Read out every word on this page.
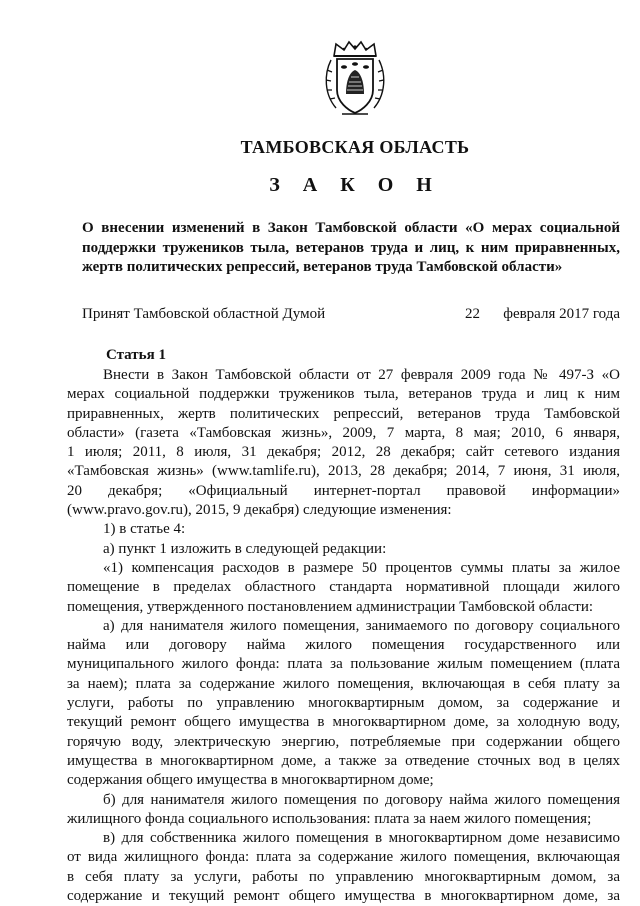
ТАМБОВСКАЯ ОБЛАСТЬ
З А К О Н
О внесении изменений в Закон Тамбовской области «О мерах социальной
поддержки тружеников тыла, ветеранов труда и лиц, к ним приравненных,
жертв политических репрессий, ветеранов труда Тамбовской области»
Принят Тамбовской областной Думой	22 февраля 2017 года
Статья 1
Внести в Закон Тамбовской области от 27 февраля 2009 года № 497-З «О
мерах социальной поддержки тружеников тыла, ветеранов труда и лиц к ним
приравненных, жертв политических репрессий, ветеранов труда Тамбовской
области» (газета «Тамбовская жизнь», 2009, 7 марта, 8 мая; 2010, 6 января,
1 июля; 2011, 8 июля, 31 декабря; 2012, 28 декабря; сайт сетевого издания
«Тамбовская жизнь» (www.tamlife.ru), 2013, 28 декабря; 2014, 7 июня, 31 июля,
20 декабря; «Официальный интернет-портал правовой информации»
(www.pravo.gov.ru), 2015, 9 декабря) следующие изменения:
1) в статье 4:
а) пункт 1 изложить в следующей редакции:
«1) компенсация расходов в размере 50 процентов суммы платы за жилое
помещение в пределах областного стандарта нормативной площади жилого
помещения, утвержденного постановлением администрации Тамбовской области:
а) для нанимателя жилого помещения, занимаемого по договору социального
найма или договору найма жилого помещения государственного или
муниципального жилого фонда: плата за пользование жилым помещением (плата
за наем); плата за содержание жилого помещения, включающая в себя плату за
услуги, работы по управлению многоквартирным домом, за содержание и
текущий ремонт общего имущества в многоквартирном доме, за холодную воду,
горячую воду, электрическую энергию, потребляемые при содержании общего
имущества в многоквартирном доме, а также за отведение сточных вод в целях
содержания общего имущества в многоквартирном доме;
б) для нанимателя жилого помещения по договору найма жилого помещения
жилищного фонда социального использования: плата за наем жилого помещения;
в) для собственника жилого помещения в многоквартирном доме независимо
от вида жилищного фонда: плата за содержание жилого помещения, включающая
в себя плату за услуги, работы по управлению многоквартирным домом, за
содержание и текущий ремонт общего имущества в многоквартирном доме, за
